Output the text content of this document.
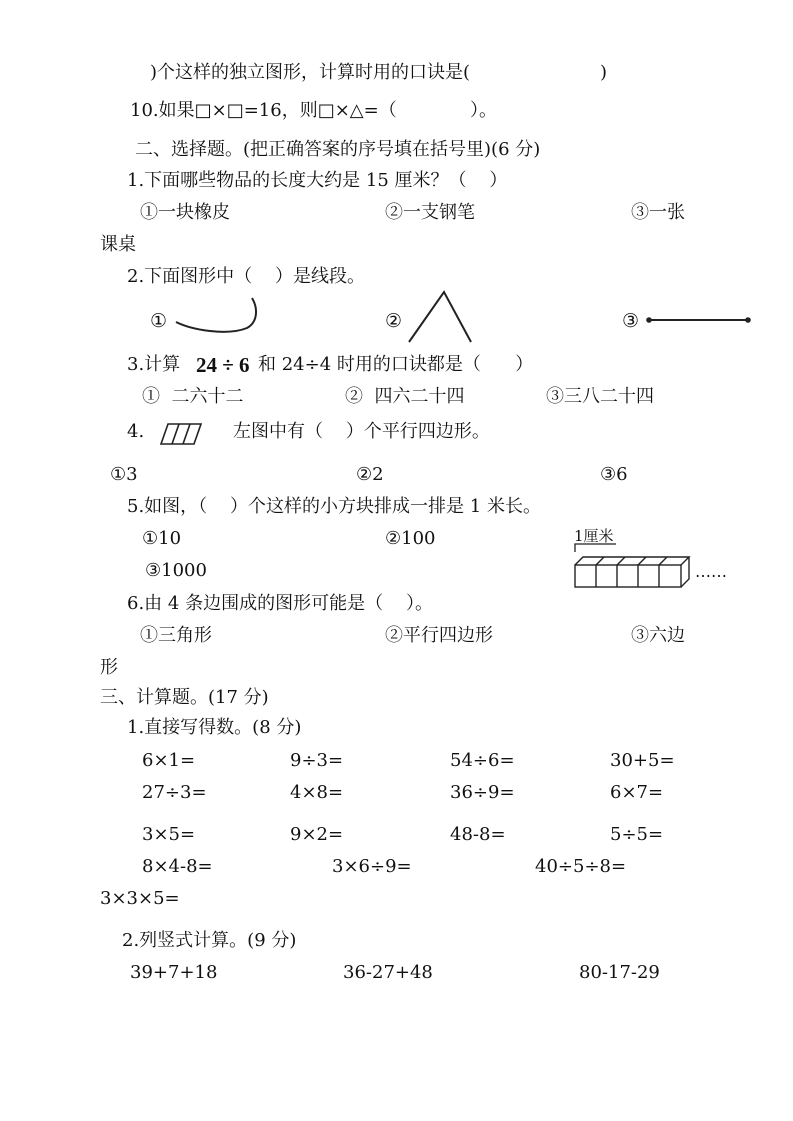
)个这样的独立图形，计算时用的口诀是(	)
10.如果□×□=16，则□×△=（	）。
二、选择题。(把正确答案的序号填在括号里)(6 分)
1.下面哪些物品的长度大约是 15 厘米？（    ）
①一块橡皮	②一支钢笔	③一张
课桌
2.下面图形中（    ）是线段。
①	②	③
3.计算 24 ÷ 6 和 24÷4 时用的口诀都是（      ）
①  二六十二	②  四六二十四	③三八二十四
4.	左图中有（    ）个平行四边形。
①3	②2	③6
5.如图，（    ）个这样的小方块排成一排是 1 米长。
①10	②100
③1000
1厘米
……
6.由 4 条边围成的图形可能是（    ）。
①三角形	②平行四边形	③六边
形
三、计算题。(17 分)
1.直接写得数。(8 分)
6×1=	9÷3=	54÷6=	30+5=
27÷3=	4×8=	36÷9=	6×7=
3×5=	9×2=	48-8=	5÷5=
8×4-8=	3×6÷9=	40÷5÷8=
3×3×5=
2.列竖式计算。(9 分)
39+7+18	36-27+48	80-17-29
